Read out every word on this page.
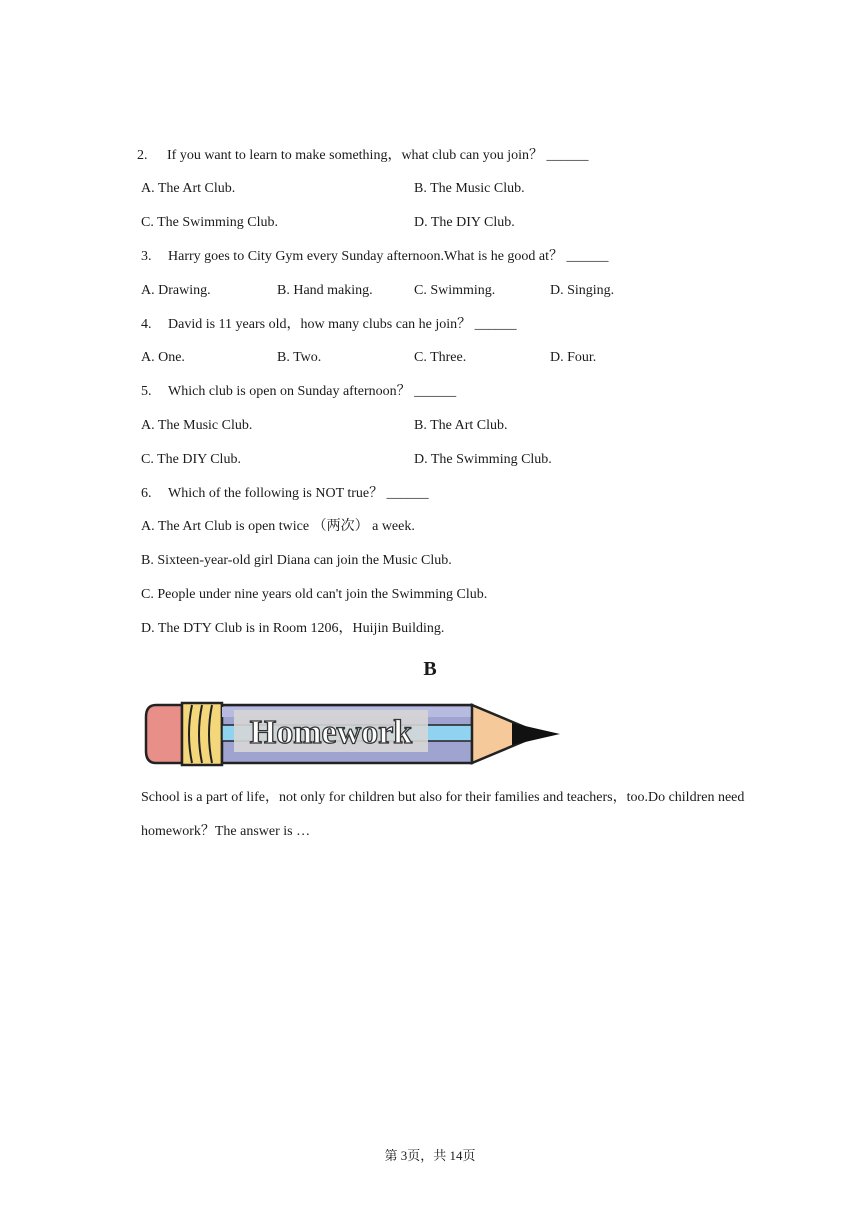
2. If you want to learn to make something，what club can you join？ ______
A. The Art Club.	B. The Music Club.
C. The Swimming Club.	D. The DIY Club.
3. Harry goes to City Gym every Sunday afternoon.What is he good at？ ______
A. Drawing.	B. Hand making.	C. Swimming.	D. Singing.
4. David is 11 years old，how many clubs can he join？ ______
A. One.	B. Two.	C. Three.	D. Four.
5. Which club is open on Sunday afternoon？ ______
A. The Music Club.	B. The Art Club.
C. The DIY Club.	D. The Swimming Club.
6. Which of the following is NOT true？ ______
A. The Art Club is open twice （两次） a week.
B. Sixteen-year-old girl Diana can join the Music Club.
C. People under nine years old can't join the Swimming Club.
D. The DTY Club is in Room 1206，Huijin Building.
B
Homework
School is a part of life，not only for children but also for their families and teachers，too.Do children need homework？The answer is …
第 3页，共 14页
